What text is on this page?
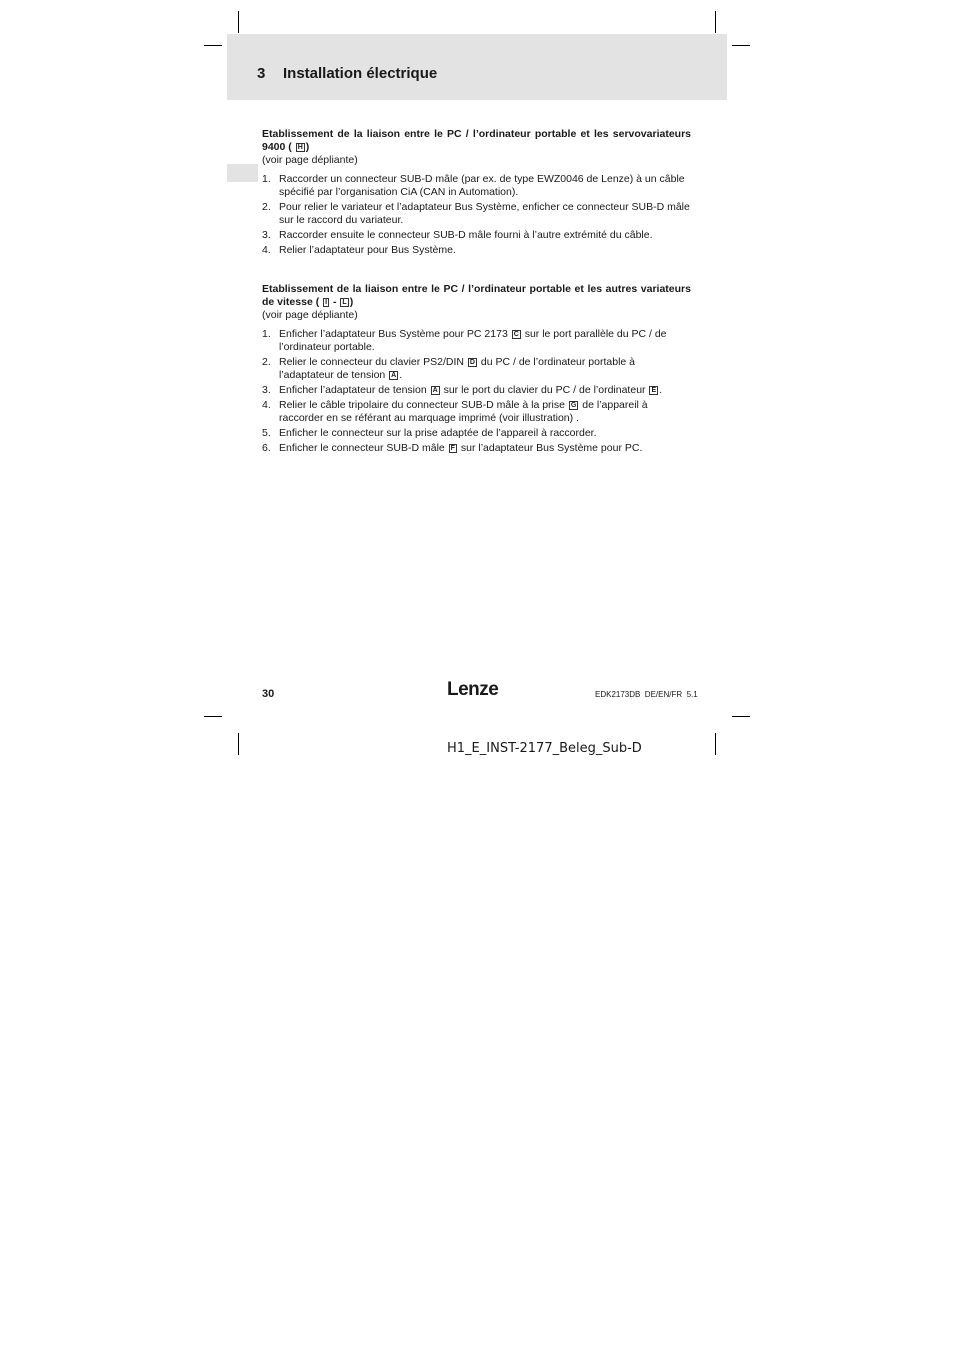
3 Installation électrique

Etablissement de la liaison entre le PC / l’ordinateur portable et les servovariateurs 9400 ( H )

(voir page dépliante)

1. Raccorder un connecteur SUB-D mâle (par ex. de type EWZ0046 de Lenze) à un câble spécifié par l’organisation CiA (CAN in Automation).
2. Pour relier le variateur et l’adaptateur Bus Système, enficher ce connecteur SUB-D mâle sur le raccord du variateur.
3. Raccorder ensuite le connecteur SUB-D mâle fourni à l’autre extrémité du câble.
4. Relier l’adaptateur pour Bus Système.

Etablissement de la liaison entre le PC / l’ordinateur portable et les autres variateurs de vitesse ( I - L )

(voir page dépliante)

1. Enficher l’adaptateur Bus Système pour PC 2173 C sur le port parallèle du PC / de l’ordinateur portable.
2. Relier le connecteur du clavier PS2/DIN D du PC / de l’ordinateur portable à l’adaptateur de tension A .
3. Enficher l’adaptateur de tension A sur le port du clavier du PC / de l’ordinateur E .
4. Relier le câble tripolaire du connecteur SUB-D mâle à la prise G de l’appareil à raccorder en se référant au marquage imprimé (voir illustration) .
5. Enficher le connecteur sur la prise adaptée de l’appareil à raccorder.
6. Enficher le connecteur SUB-D mâle F sur l’adaptateur Bus Système pour PC.
30	Lenze	EDK2173DB  DE/EN/FR  5.1
H1_E_INST-2177_Beleg_Sub-D
